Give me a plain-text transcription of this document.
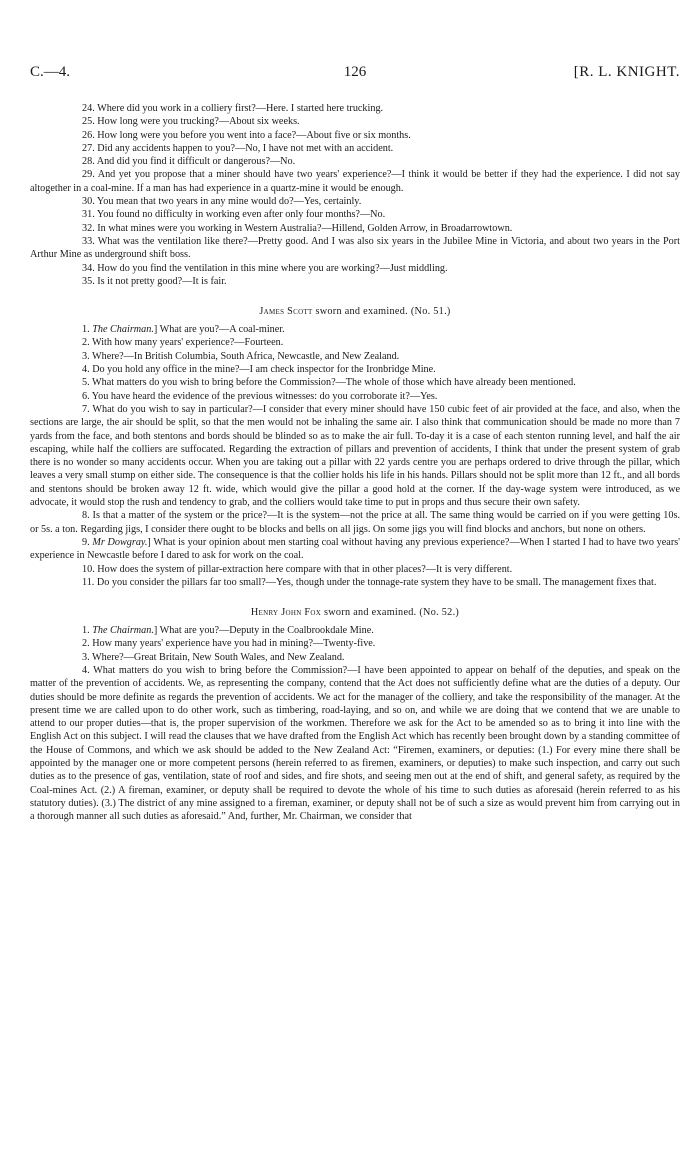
C.—4.	126	[R. L. KNIGHT.

24. Where did you work in a colliery first?—Here. I started here trucking.

25. How long were you trucking?—About six weeks.

26. How long were you before you went into a face?—About five or six months.

27. Did any accidents happen to you?—No, I have not met with an accident.

28. And did you find it difficult or dangerous?—No.

29. And yet you propose that a miner should have two years' experience?—I think it would be better if they had the experience. I did not say altogether in a coal-mine. If a man has had experience in a quartz-mine it would be enough.

30. You mean that two years in any mine would do?—Yes, certainly.

31. You found no difficulty in working even after only four months?—No.

32. In what mines were you working in Western Australia?—Hillend, Golden Arrow, in Broadarrowtown.

33. What was the ventilation like there?—Pretty good. And I was also six years in the Jubilee Mine in Victoria, and about two years in the Port Arthur Mine as underground shift boss.

34. How do you find the ventilation in this mine where you are working?—Just middling.

35. Is it not pretty good?—It is fair.

James Scott sworn and examined. (No. 51.)

1. The Chairman.] What are you?—A coal-miner.

2. With how many years' experience?—Fourteen.

3. Where?—In British Columbia, South Africa, Newcastle, and New Zealand.

4. Do you hold any office in the mine?—I am check inspector for the Ironbridge Mine.

5. What matters do you wish to bring before the Commission?—The whole of those which have already been mentioned.

6. You have heard the evidence of the previous witnesses: do you corroborate it?—Yes.

7. What do you wish to say in particular?—I consider that every miner should have 150 cubic feet of air provided at the face, and also, when the sections are large, the air should be split, so that the men would not be inhaling the same air. I also think that communication should be made no more than 7 yards from the face, and both stentons and bords should be blinded so as to make the air full. To-day it is a case of each stenton running level, and half the air escaping, while half the colliers are suffocated. Regarding the extraction of pillars and prevention of accidents, I think that under the present system of grab there is no wonder so many accidents occur. When you are taking out a pillar with 22 yards centre you are perhaps ordered to drive through the pillar, which leaves a very small stump on either side. The consequence is that the collier holds his life in his hands. Pillars should not be split more than 12 ft., and all bords and stentons should be broken away 12 ft. wide, which would give the pillar a good hold at the corner. If the day-wage system were introduced, as we advocate, it would stop the rush and tendency to grab, and the colliers would take time to put in props and thus secure their own safety.

8. Is that a matter of the system or the price?—It is the system—not the price at all. The same thing would be carried on if you were getting 10s. or 5s. a ton. Regarding jigs, I consider there ought to be blocks and bells on all jigs. On some jigs you will find blocks and anchors, but none on others.

9. Mr Dowgray.] What is your opinion about men starting coal without having any previous experience?—When I started I had to have two years' experience in Newcastle before I dared to ask for work on the coal.

10. How does the system of pillar-extraction here compare with that in other places?—It is very different.

11. Do you consider the pillars far too small?—Yes, though under the tonnage-rate system they have to be small. The management fixes that.

Henry John Fox sworn and examined. (No. 52.)

1. The Chairman.] What are you?—Deputy in the Coalbrookdale Mine.

2. How many years' experience have you had in mining?—Twenty-five.

3. Where?—Great Britain, New South Wales, and New Zealand.

4. What matters do you wish to bring before the Commission?—I have been appointed to appear on behalf of the deputies, and speak on the matter of the prevention of accidents. We, as representing the company, contend that the Act does not sufficiently define what are the duties of a deputy. Our duties should be more definite as regards the prevention of accidents. We act for the manager of the colliery, and take the responsibility of the manager. At the present time we are called upon to do other work, such as timbering, road-laying, and so on, and while we are doing that we contend that we are unable to attend to our proper duties—that is, the proper supervision of the workmen. Therefore we ask for the Act to be amended so as to bring it into line with the English Act on this subject. I will read the clauses that we have drafted from the English Act which has recently been brought down by a standing committee of the House of Commons, and which we ask should be added to the New Zealand Act: “Firemen, examiners, or deputies: (1.) For every mine there shall be appointed by the manager one or more competent persons (herein referred to as firemen, examiners, or deputies) to make such inspection, and carry out such duties as to the presence of gas, ventilation, state of roof and sides, and fire shots, and seeing men out at the end of shift, and general safety, as required by the Coal-mines Act. (2.) A fireman, examiner, or deputy shall be required to devote the whole of his time to such duties as aforesaid (herein referred to as his statutory duties). (3.) The district of any mine assigned to a fireman, examiner, or deputy shall not be of such a size as would prevent him from carrying out in a thorough manner all such duties as aforesaid.” And, further, Mr. Chairman, we consider that
